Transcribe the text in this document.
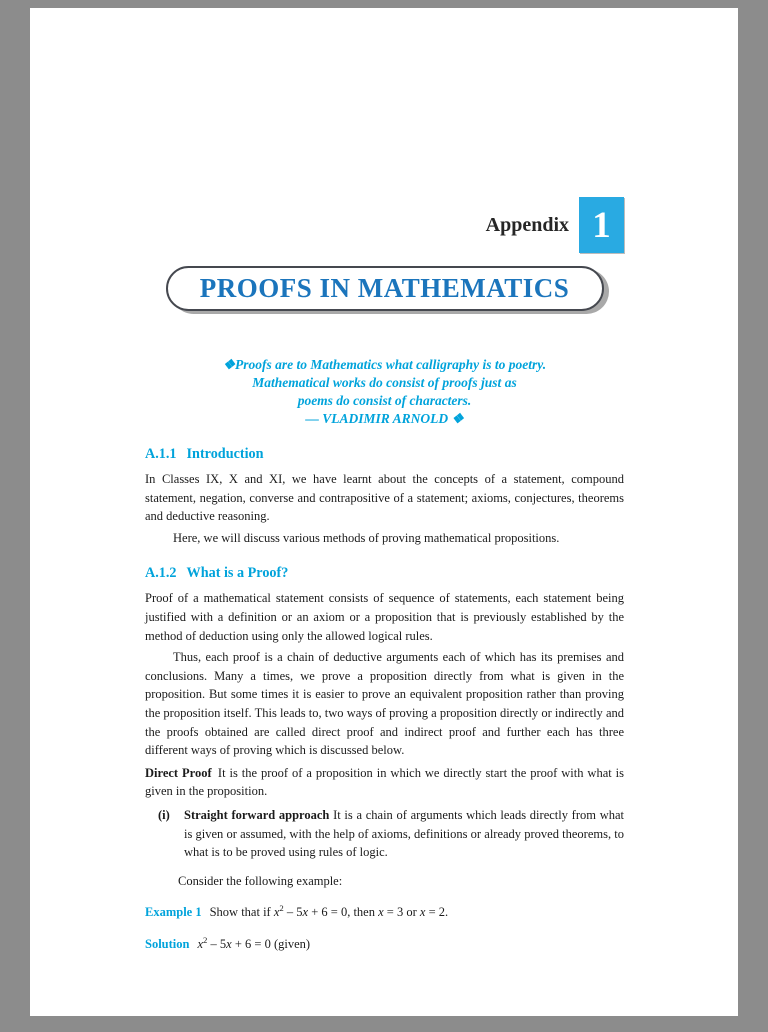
Appendix 1
PROOFS IN MATHEMATICS
❖Proofs are to Mathematics what calligraphy is to poetry.
Mathematical works do consist of proofs just as
poems do consist of characters.
— VLADIMIR ARNOLD ❖
A.1.1 Introduction

In Classes IX, X and XI, we have learnt about the concepts of a statement, compound statement, negation, converse and contrapositive of a statement; axioms, conjectures, theorems and deductive reasoning.

Here, we will discuss various methods of proving mathematical propositions.

A.1.2 What is a Proof?

Proof of a mathematical statement consists of sequence of statements, each statement being justified with a definition or an axiom or a proposition that is previously established by the method of deduction using only the allowed logical rules.

Thus, each proof is a chain of deductive arguments each of which has its premises and conclusions. Many a times, we prove a proposition directly from what is given in the proposition. But some times it is easier to prove an equivalent proposition rather than proving the proposition itself. This leads to, two ways of proving a proposition directly or indirectly and the proofs obtained are called direct proof and indirect proof and further each has three different ways of proving which is discussed below.

Direct Proof It is the proof of a proposition in which we directly start the proof with what is given in the proposition.

(i)	Straight forward approach It is a chain of arguments which leads directly from what is given or assumed, with the help of axioms, definitions or already proved theorems, to what is to be proved using rules of logic.

Consider the following example:

Example 1 Show that if $x^2 - 5x + 6 = 0$, then x = 3 or x = 2.

Solution $x^2 - 5x + 6 = 0$ (given)
